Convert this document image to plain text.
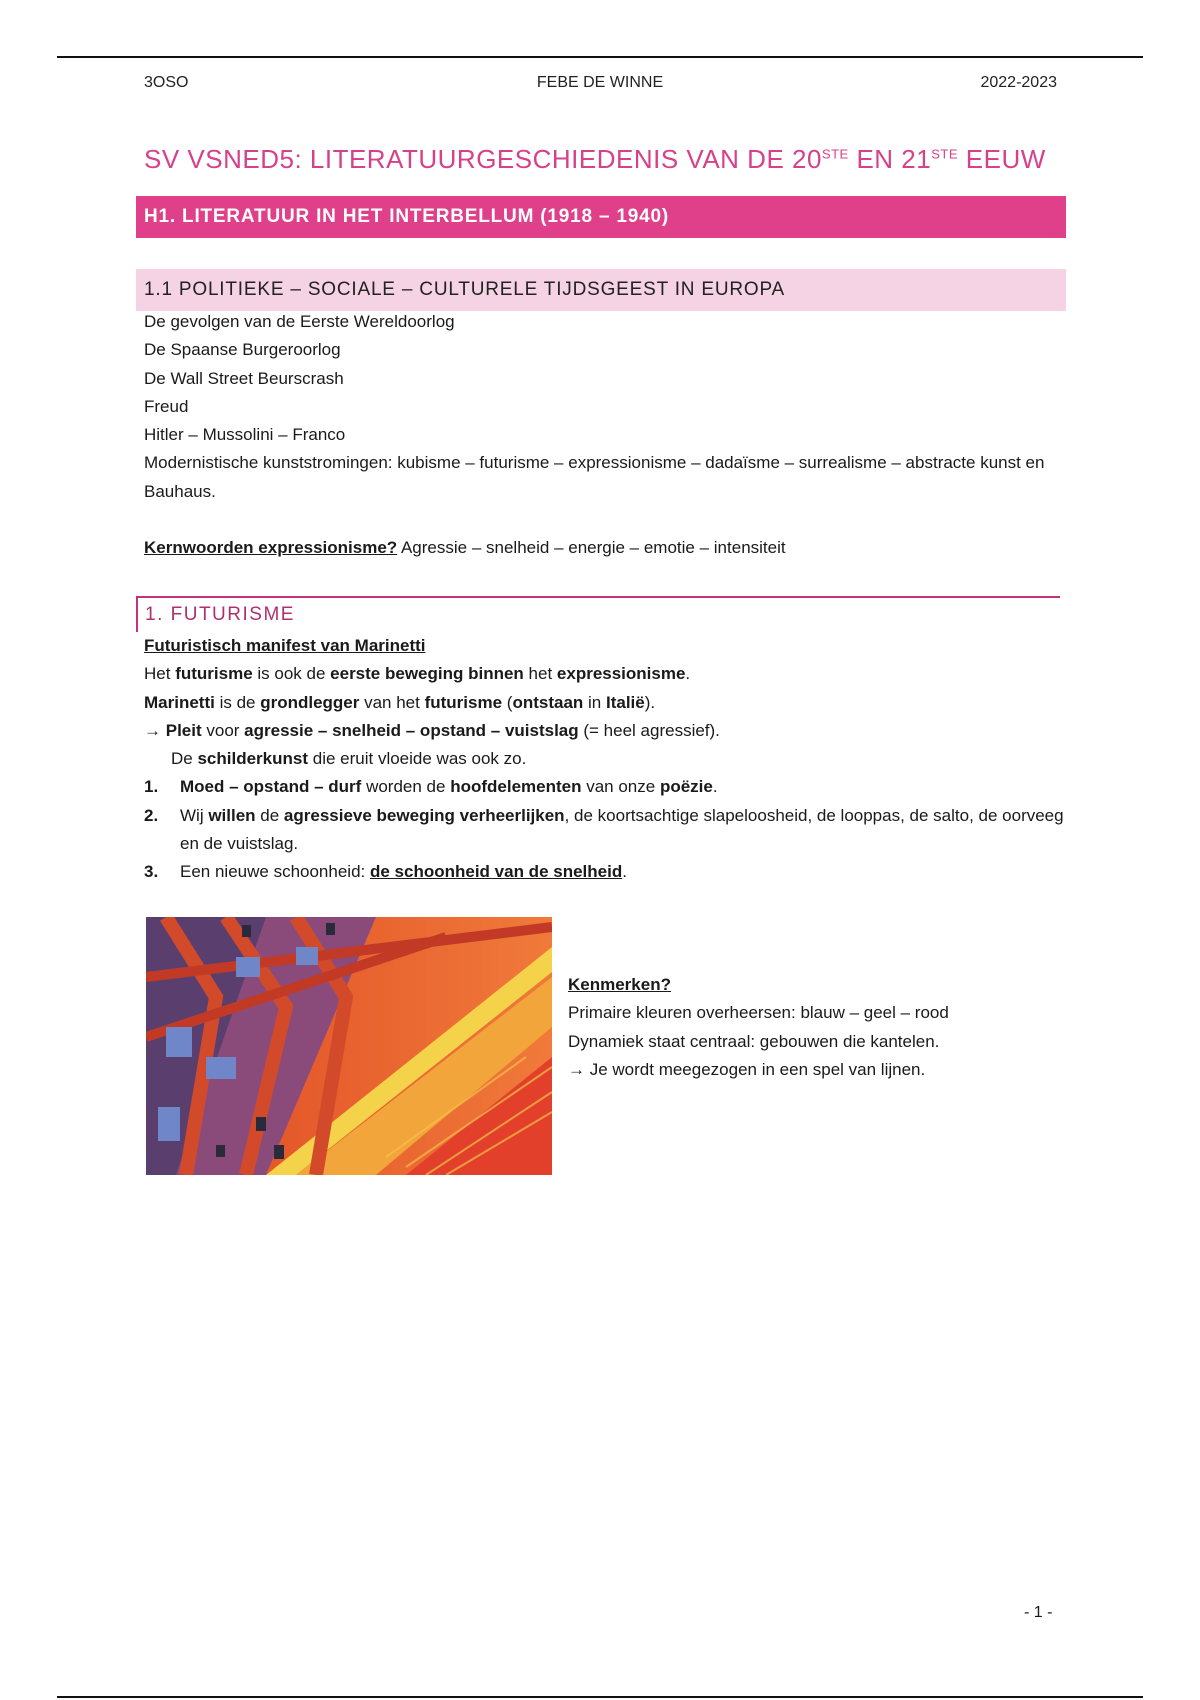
3OSO	FEBE DE WINNE	2022-2023
SV VSNED5: LITERATUURGESCHIEDENIS VAN DE 20STE EN 21STE EEUW
H1. LITERATUUR IN HET INTERBELLUM (1918 – 1940)
1.1 POLITIEKE – SOCIALE – CULTURELE TIJDSGEEST IN EUROPA

De gevolgen van de Eerste Wereldoorlog

De Spaanse Burgeroorlog

De Wall Street Beurscrash

Freud

Hitler – Mussolini – Franco

Modernistische kunststromingen: kubisme – futurisme – expressionisme – dadaïsme – surrealisme – abstracte kunst en Bauhaus.

Kernwoorden expressionisme? Agressie – snelheid – energie – emotie – intensiteit

1. FUTURISME

Futuristisch manifest van Marinetti

Het futurisme is ook de eerste beweging binnen het expressionisme.

Marinetti is de grondlegger van het futurisme (ontstaan in Italië).

→ Pleit voor agressie – snelheid – opstand – vuistslag (= heel agressief).

De schilderkunst die eruit vloeide was ook zo.

1.	Moed – opstand – durf worden de hoofdelementen van onze poëzie.
2.	Wij willen de agressieve beweging verheerlijken, de koortsachtige slapeloosheid, de looppas, de salto, de oorveeg en de vuistslag.
3.	Een nieuwe schoonheid: de schoonheid van de snelheid.

Kenmerken?

Primaire kleuren overheersen: blauw – geel – rood

Dynamiek staat centraal: gebouwen die kantelen.

→ Je wordt meegezogen in een spel van lijnen.

- 1 -
